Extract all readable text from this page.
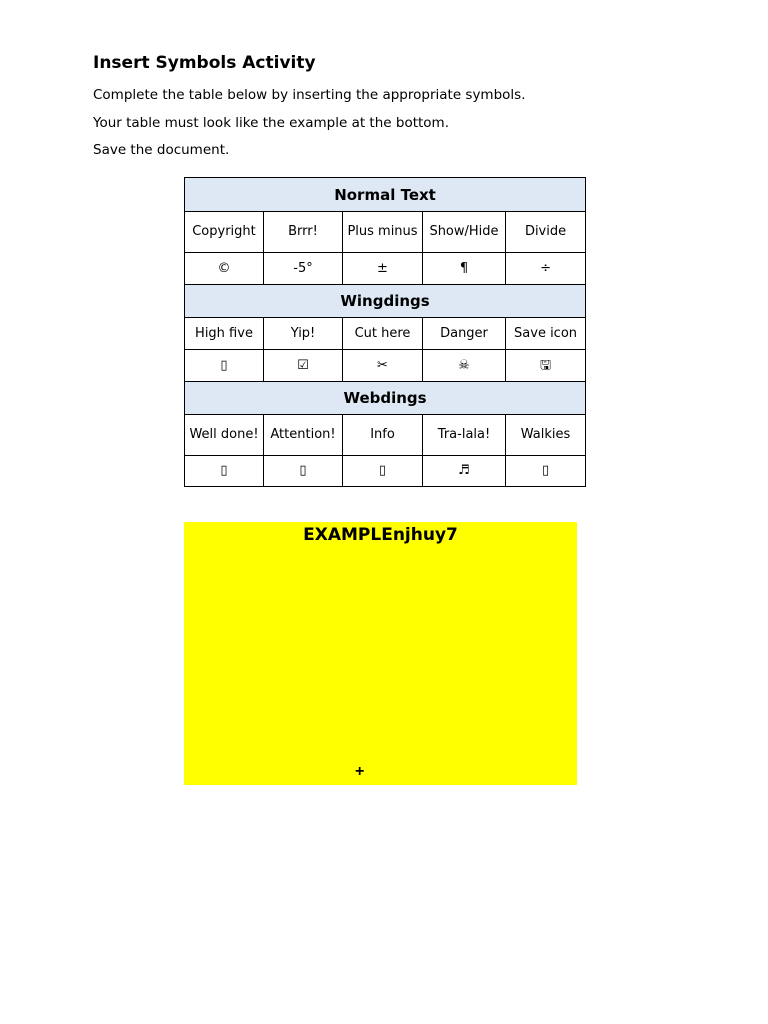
Insert Symbols Activity
Complete the table below by inserting the appropriate symbols.
Your table must look like the example at the bottom.
Save the document.
Normal Text				
Copyright	Brrr!	Plus minus	Show/Hide	Divide
©	-5°	±	¶	÷
Wingdings				
High five	Yip!	Cut here	Danger	Save icon
▯	☑	✂	☠	🖫
Webdings				
Well done!	Attention!	Info	Tra-lala!	Walkies
▯	▯	▯	♬	▯
EXAMPLEnjhuy7
+
